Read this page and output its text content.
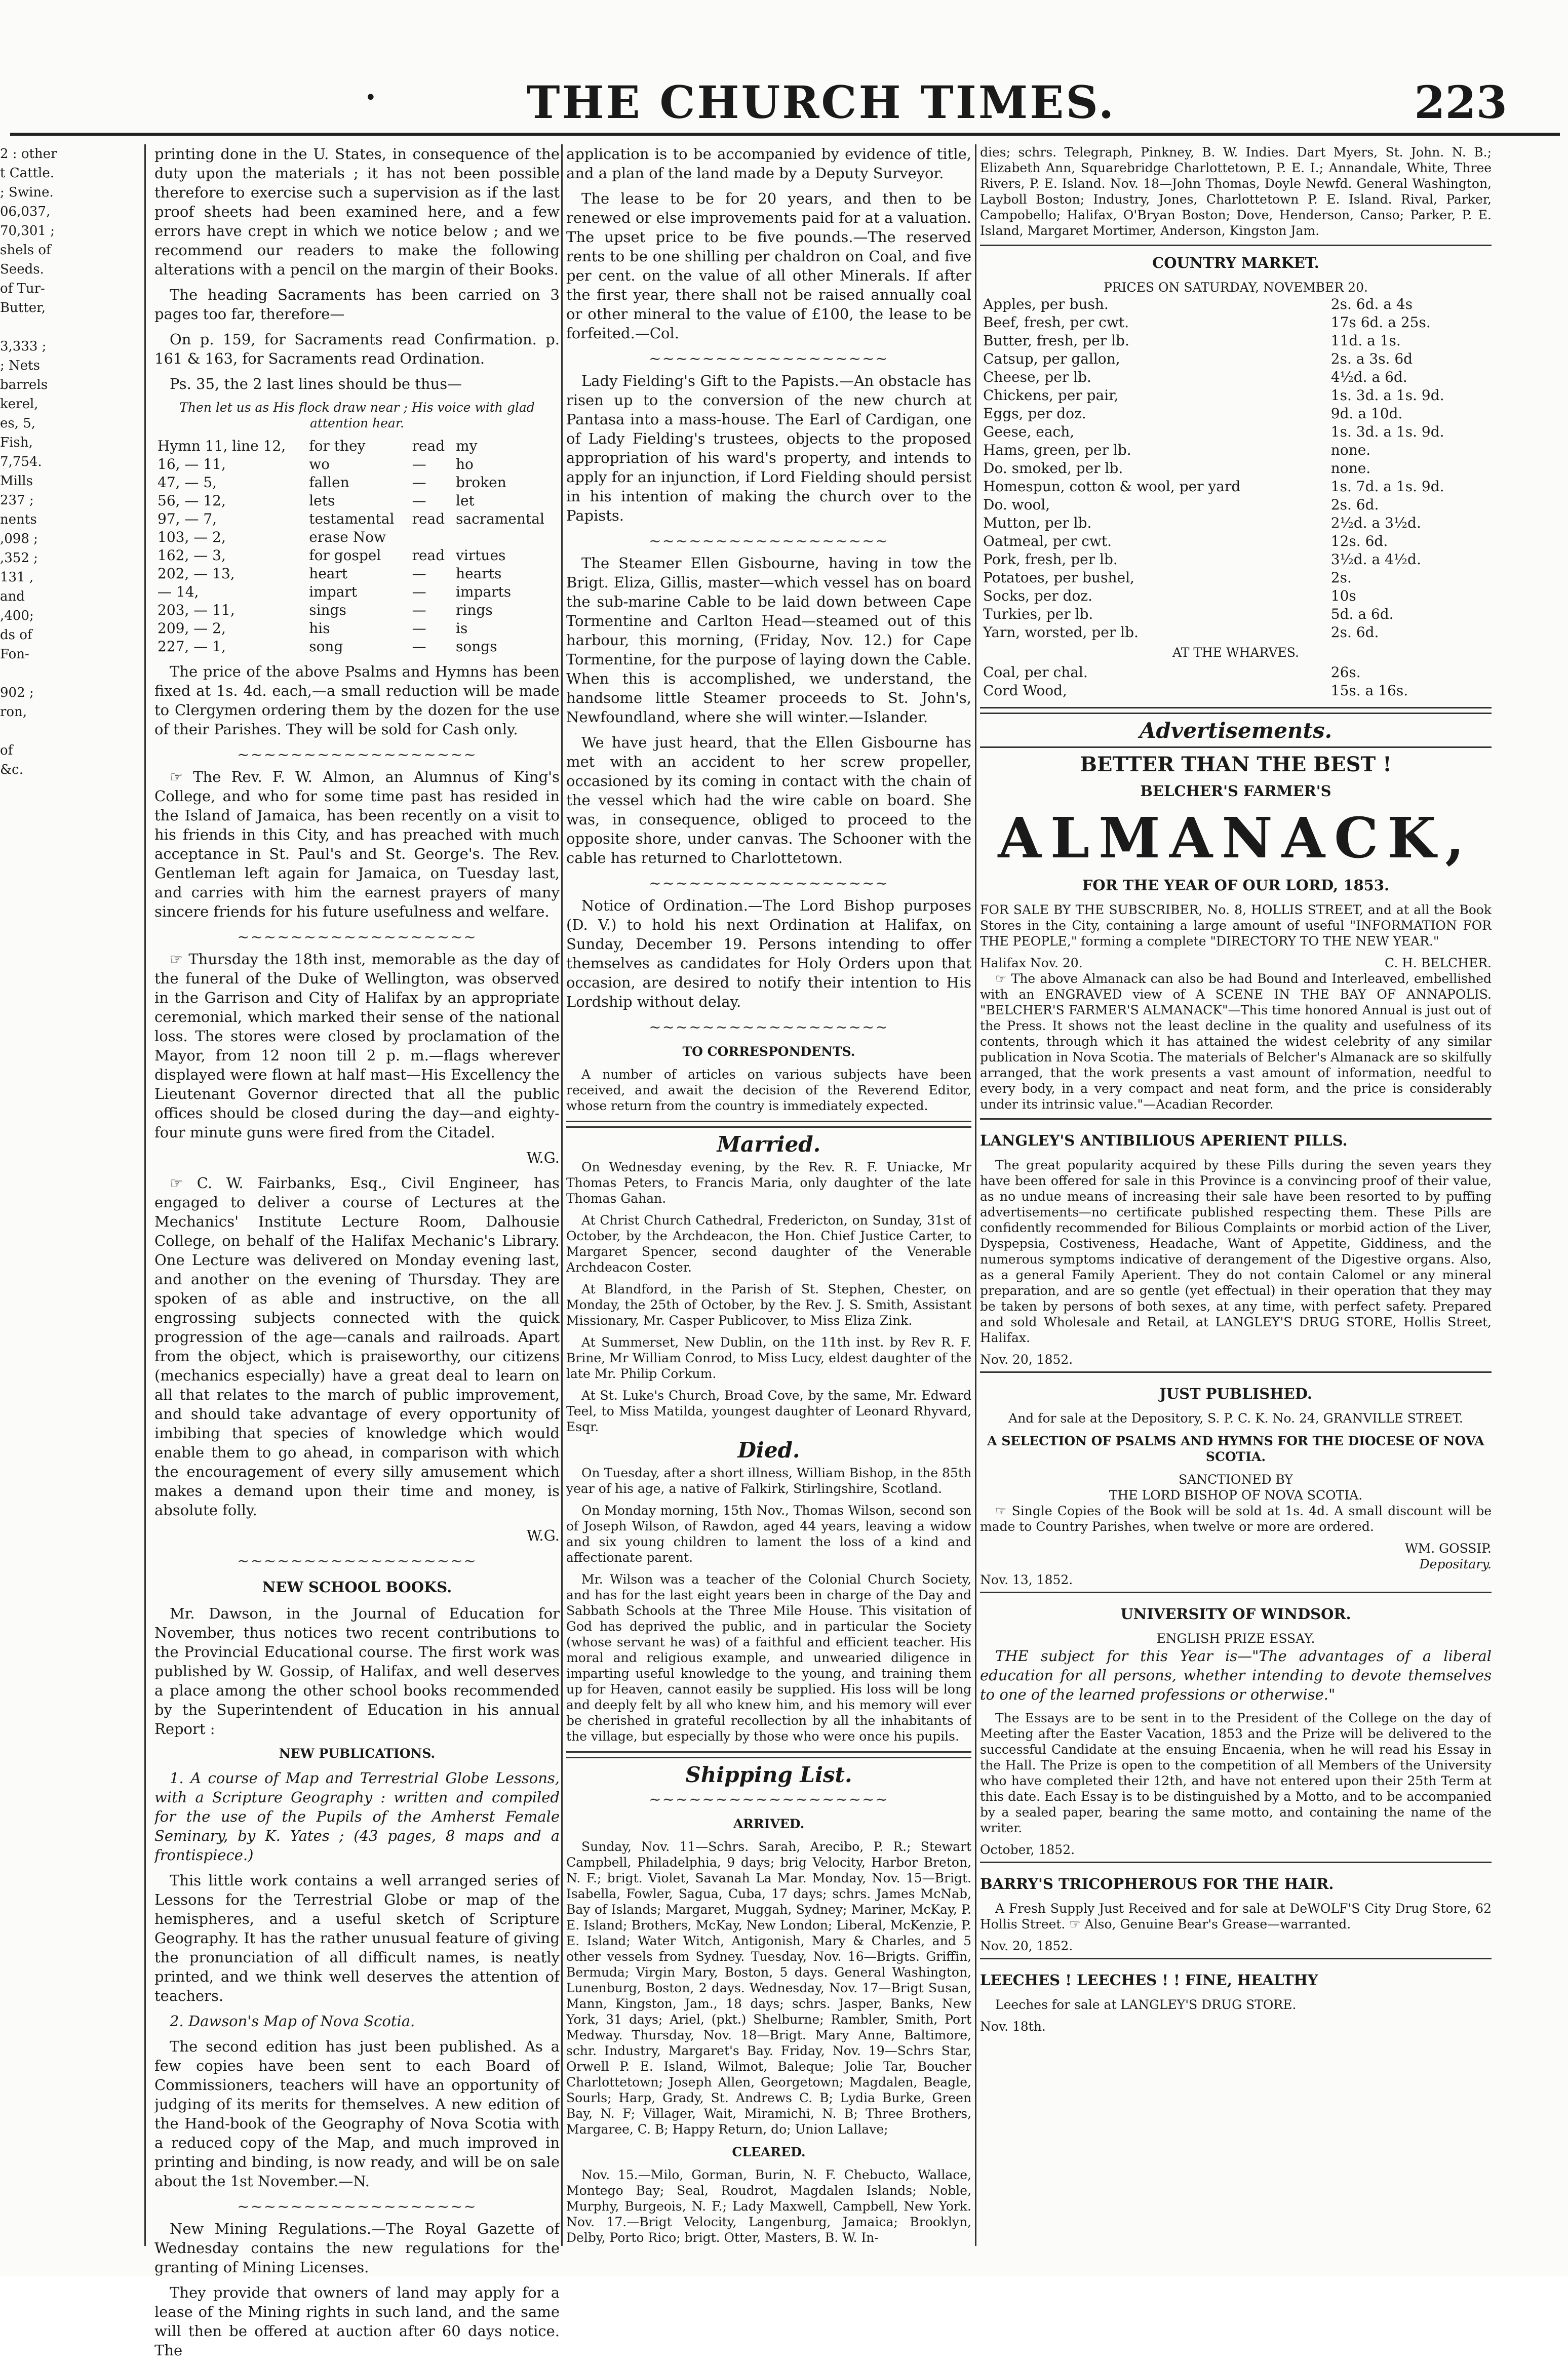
•	THE CHURCH TIMES.	223
2 : other
t Cattle.
; Swine.
06,037,
70,301 ;
shels of
Seeds.
of Tur-
Butter,
3,333 ;
; Nets
barrels
kerel,
es, 5,
Fish,
7,754.
Mills
237 ;
nents
,098 ;
,352 ;
131 ,
and
,400;
ds of
Fon-
902 ;
ron,
of
&c.

printing done in the U. States, in consequence of the duty upon the materials ; it has not been possible therefore to exercise such a supervision as if the last proof sheets had been examined here, and a few errors have crept in which we notice below ; and we recommend our readers to make the following alterations with a pencil on the margin of their Books.

The heading Sacraments has been carried on 3 pages too far, therefore—

On p. 159, for Sacraments read Confirmation. p. 161 & 163, for Sacraments read Ordination.

Ps. 35, the 2 last lines should be thus—

Then let us as His flock draw near ; His voice with glad attention hear.

Hymn 11, line 12,	for they	read	my
16, — 11,	wo	—	ho
47, — 5,	fallen	—	broken
56, — 12,	lets	—	let
97, — 7,	testamental	read	sacramental
103, — 2,	erase Now		
162, — 3,	for gospel	read	virtues
202, — 13,	heart	—	hearts
— 14,	impart	—	imparts
203, — 11,	sings	—	rings
209, — 2,	his	—	is
227, — 1,	song	—	songs

The price of the above Psalms and Hymns has been fixed at 1s. 4d. each,—a small reduction will be made to Clergymen ordering them by the dozen for the use of their Parishes. They will be sold for Cash only.

~~~~~~~~~~~~~~~~~~

☞ The Rev. F. W. Almon, an Alumnus of King's College, and who for some time past has resided in the Island of Jamaica, has been recently on a visit to his friends in this City, and has preached with much acceptance in St. Paul's and St. George's. The Rev. Gentleman left again for Jamaica, on Tuesday last, and carries with him the earnest prayers of many sincere friends for his future usefulness and welfare.

~~~~~~~~~~~~~~~~~~

☞ Thursday the 18th inst, memorable as the day of the funeral of the Duke of Wellington, was observed in the Garrison and City of Halifax by an appropriate ceremonial, which marked their sense of the national loss. The stores were closed by proclamation of the Mayor, from 12 noon till 2 p. m.—flags wherever displayed were flown at half mast—His Excellency the Lieutenant Governor directed that all the public offices should be closed during the day—and eighty-four minute guns were fired from the Citadel.

W.G.

☞ C. W. Fairbanks, Esq., Civil Engineer, has engaged to deliver a course of Lectures at the Mechanics' Institute Lecture Room, Dalhousie College, on behalf of the Halifax Mechanic's Library. One Lecture was delivered on Monday evening last, and another on the evening of Thursday. They are spoken of as able and instructive, on the all engrossing subjects connected with the quick progression of the age—canals and railroads. Apart from the object, which is praiseworthy, our citizens (mechanics especially) have a great deal to learn on all that relates to the march of public improvement, and should take advantage of every opportunity of imbibing that species of knowledge which would enable them to go ahead, in comparison with which the encouragement of every silly amusement which makes a demand upon their time and money, is absolute folly.

W.G.

~~~~~~~~~~~~~~~~~~
NEW SCHOOL BOOKS.

Mr. Dawson, in the Journal of Education for November, thus notices two recent contributions to the Provincial Educational course. The first work was published by W. Gossip, of Halifax, and well deserves a place among the other school books recommended by the Superintendent of Education in his annual Report :

NEW PUBLICATIONS.

1. A course of Map and Terrestrial Globe Lessons, with a Scripture Geography : written and compiled for the use of the Pupils of the Amherst Female Seminary, by K. Yates ; (43 pages, 8 maps and a frontispiece.)

This little work contains a well arranged series of Lessons for the Terrestrial Globe or map of the hemispheres, and a useful sketch of Scripture Geography. It has the rather unusual feature of giving the pronunciation of all difficult names, is neatly printed, and we think well deserves the attention of teachers.

2. Dawson's Map of Nova Scotia.

The second edition has just been published. As a few copies have been sent to each Board of Commissioners, teachers will have an opportunity of judging of its merits for themselves. A new edition of the Hand-book of the Geography of Nova Scotia with a reduced copy of the Map, and much improved in printing and binding, is now ready, and will be on sale about the 1st November.—N.

~~~~~~~~~~~~~~~~~~

New Mining Regulations.—The Royal Gazette of Wednesday contains the new regulations for the granting of Mining Licenses.

They provide that owners of land may apply for a lease of the Mining rights in such land, and the same will then be offered at auction after 60 days notice. The

application is to be accompanied by evidence of title, and a plan of the land made by a Deputy Surveyor.

The lease to be for 20 years, and then to be renewed or else improvements paid for at a valuation. The upset price to be five pounds.—The reserved rents to be one shilling per chaldron on Coal, and five per cent. on the value of all other Minerals. If after the first year, there shall not be raised annually coal or other mineral to the value of £100, the lease to be forfeited.—Col.

~~~~~~~~~~~~~~~~~~

Lady Fielding's Gift to the Papists.—An obstacle has risen up to the conversion of the new church at Pantasa into a mass-house. The Earl of Cardigan, one of Lady Fielding's trustees, objects to the proposed appropriation of his ward's property, and intends to apply for an injunction, if Lord Fielding should persist in his intention of making the church over to the Papists.

~~~~~~~~~~~~~~~~~~

The Steamer Ellen Gisbourne, having in tow the Brigt. Eliza, Gillis, master—which vessel has on board the sub-marine Cable to be laid down between Cape Tormentine and Carlton Head—steamed out of this harbour, this morning, (Friday, Nov. 12.) for Cape Tormentine, for the purpose of laying down the Cable. When this is accomplished, we understand, the handsome little Steamer proceeds to St. John's, Newfoundland, where she will winter.—Islander.

We have just heard, that the Ellen Gisbourne has met with an accident to her screw propeller, occasioned by its coming in contact with the chain of the vessel which had the wire cable on board. She was, in consequence, obliged to proceed to the opposite shore, under canvas. The Schooner with the cable has returned to Charlottetown.

~~~~~~~~~~~~~~~~~~

Notice of Ordination.—The Lord Bishop purposes (D. V.) to hold his next Ordination at Halifax, on Sunday, December 19. Persons intending to offer themselves as candidates for Holy Orders upon that occasion, are desired to notify their intention to His Lordship without delay.

~~~~~~~~~~~~~~~~~~
TO CORRESPONDENTS.

A number of articles on various subjects have been received, and await the decision of the Reverend Editor, whose return from the country is immediately expected.

Married.

On Wednesday evening, by the Rev. R. F. Uniacke, Mr Thomas Peters, to Francis Maria, only daughter of the late Thomas Gahan.

At Christ Church Cathedral, Fredericton, on Sunday, 31st of October, by the Archdeacon, the Hon. Chief Justice Carter, to Margaret Spencer, second daughter of the Venerable Archdeacon Coster.

At Blandford, in the Parish of St. Stephen, Chester, on Monday, the 25th of October, by the Rev. J. S. Smith, Assistant Missionary, Mr. Casper Publicover, to Miss Eliza Zink.

At Summerset, New Dublin, on the 11th inst. by Rev R. F. Brine, Mr William Conrod, to Miss Lucy, eldest daughter of the late Mr. Philip Corkum.

At St. Luke's Church, Broad Cove, by the same, Mr. Edward Teel, to Miss Matilda, youngest daughter of Leonard Rhyvard, Esqr.

Died.

On Tuesday, after a short illness, William Bishop, in the 85th year of his age, a native of Falkirk, Stirlingshire, Scotland.

On Monday morning, 15th Nov., Thomas Wilson, second son of Joseph Wilson, of Rawdon, aged 44 years, leaving a widow and six young children to lament the loss of a kind and affectionate parent.

Mr. Wilson was a teacher of the Colonial Church Society, and has for the last eight years been in charge of the Day and Sabbath Schools at the Three Mile House. This visitation of God has deprived the public, and in particular the Society (whose servant he was) of a faithful and efficient teacher. His moral and religious example, and unwearied diligence in imparting useful knowledge to the young, and training them up for Heaven, cannot easily be supplied. His loss will be long and deeply felt by all who knew him, and his memory will ever be cherished in grateful recollection by all the inhabitants of the village, but especially by those who were once his pupils.

Shipping List.
~~~~~~~~~~~~~~~~~~
ARRIVED.

Sunday, Nov. 11—Schrs. Sarah, Arecibo, P. R.; Stewart Campbell, Philadelphia, 9 days; brig Velocity, Harbor Breton, N. F.; brigt. Violet, Savanah La Mar. Monday, Nov. 15—Brigt. Isabella, Fowler, Sagua, Cuba, 17 days; schrs. James McNab, Bay of Islands; Margaret, Muggah, Sydney; Mariner, McKay, P. E. Island; Brothers, McKay, New London; Liberal, McKenzie, P. E. Island; Water Witch, Antigonish, Mary & Charles, and 5 other vessels from Sydney. Tuesday, Nov. 16—Brigts. Griffin, Bermuda; Virgin Mary, Boston, 5 days. General Washington, Lunenburg, Boston, 2 days. Wednesday, Nov. 17—Brigt Susan, Mann, Kingston, Jam., 18 days; schrs. Jasper, Banks, New York, 31 days; Ariel, (pkt.) Shelburne; Rambler, Smith, Port Medway. Thursday, Nov. 18—Brigt. Mary Anne, Baltimore, schr. Industry, Margaret's Bay. Friday, Nov. 19—Schrs Star, Orwell P. E. Island, Wilmot, Baleque; Jolie Tar, Boucher Charlottetown; Joseph Allen, Georgetown; Magdalen, Beagle, Sourls; Harp, Grady, St. Andrews C. B; Lydia Burke, Green Bay, N. F; Villager, Wait, Miramichi, N. B; Three Brothers, Margaree, C. B; Happy Return, do; Union Lallave;

CLEARED.

Nov. 15.—Milo, Gorman, Burin, N. F. Chebucto, Wallace, Montego Bay; Seal, Roudrot, Magdalen Islands; Noble, Murphy, Burgeois, N. F.; Lady Maxwell, Campbell, New York. Nov. 17.—Brigt Velocity, Langenburg, Jamaica; Brooklyn, Delby, Porto Rico; brigt. Otter, Masters, B. W. In-

dies; schrs. Telegraph, Pinkney, B. W. Indies. Dart Myers, St. John. N. B.; Elizabeth Ann, Squarebridge Charlottetown, P. E. I.; Annandale, White, Three Rivers, P. E. Island. Nov. 18—John Thomas, Doyle Newfd. General Washington, Layboll Boston; Industry, Jones, Charlottetown P. E. Island. Rival, Parker, Campobello; Halifax, O'Bryan Boston; Dove, Henderson, Canso; Parker, P. E. Island, Margaret Mortimer, Anderson, Kingston Jam.

COUNTRY MARKET.
PRICES ON SATURDAY, NOVEMBER 20.
Apples, per bush.	2s. 6d. a 4s
Beef, fresh, per cwt.	17s 6d. a 25s.
Butter, fresh, per lb.	11d. a 1s.
Catsup, per gallon,	2s. a 3s. 6d
Cheese, per lb.	4½d. a 6d.
Chickens, per pair,	1s. 3d. a 1s. 9d.
Eggs, per doz.	9d. a 10d.
Geese, each,	1s. 3d. a 1s. 9d.
Hams, green, per lb.	none.
Do. smoked, per lb.	none.
Homespun, cotton & wool, per yard	1s. 7d. a 1s. 9d.
Do. wool,	2s. 6d.
Mutton, per lb.	2½d. a 3½d.
Oatmeal, per cwt.	12s. 6d.
Pork, fresh, per lb.	3½d. a 4½d.
Potatoes, per bushel,	2s.
Socks, per doz.	10s
Turkies, per lb.	5d. a 6d.
Yarn, worsted, per lb.	2s. 6d.
AT THE WHARVES.
Coal, per chal.	26s.
Cord Wood,	15s. a 16s.
Advertisements.
BETTER THAN THE BEST !
BELCHER'S FARMER'S
ALMANACK,
FOR THE YEAR OF OUR LORD, 1853.

FOR SALE BY THE SUBSCRIBER, No. 8, HOLLIS STREET, and at all the Book Stores in the City, containing a large amount of useful "INFORMATION FOR THE PEOPLE," forming a complete "DIRECTORY TO THE NEW YEAR."

Halifax Nov. 20.	C. H. BELCHER.

☞ The above Almanack can also be had Bound and Interleaved, embellished with an ENGRAVED view of A SCENE IN THE BAY OF ANNAPOLIS. "BELCHER'S FARMER'S ALMANACK"—This time honored Annual is just out of the Press. It shows not the least decline in the quality and usefulness of its contents, through which it has attained the widest celebrity of any similar publication in Nova Scotia. The materials of Belcher's Almanack are so skilfully arranged, that the work presents a vast amount of information, needful to every body, in a very compact and neat form, and the price is considerably under its intrinsic value."—Acadian Recorder.

LANGLEY'S ANTIBILIOUS APERIENT PILLS.

The great popularity acquired by these Pills during the seven years they have been offered for sale in this Province is a convincing proof of their value, as no undue means of increasing their sale have been resorted to by puffing advertisements—no certificate published respecting them. These Pills are confidently recommended for Bilious Complaints or morbid action of the Liver, Dyspepsia, Costiveness, Headache, Want of Appetite, Giddiness, and the numerous symptoms indicative of derangement of the Digestive organs. Also, as a general Family Aperient. They do not contain Calomel or any mineral preparation, and are so gentle (yet effectual) in their operation that they may be taken by persons of both sexes, at any time, with perfect safety. Prepared and sold Wholesale and Retail, at LANGLEY'S DRUG STORE, Hollis Street, Halifax.

Nov. 20, 1852.
JUST PUBLISHED.
And for sale at the Depository, S. P. C. K. No. 24, GRANVILLE STREET.
A SELECTION OF PSALMS AND HYMNS FOR THE DIOCESE OF NOVA SCOTIA.
SANCTIONED BY
THE LORD BISHOP OF NOVA SCOTIA.

☞ Single Copies of the Book will be sold at 1s. 4d. A small discount will be made to Country Parishes, when twelve or more are ordered.

WM. GOSSIP.
Depositary.
Nov. 13, 1852.
UNIVERSITY OF WINDSOR.
ENGLISH PRIZE ESSAY.

THE subject for this Year is—"The advantages of a liberal education for all persons, whether intending to devote themselves to one of the learned professions or otherwise."

The Essays are to be sent in to the President of the College on the day of Meeting after the Easter Vacation, 1853 and the Prize will be delivered to the successful Candidate at the ensuing Encaenia, when he will read his Essay in the Hall. The Prize is open to the competition of all Members of the University who have completed their 12th, and have not entered upon their 25th Term at this date. Each Essay is to be distinguished by a Motto, and to be accompanied by a sealed paper, bearing the same motto, and containing the name of the writer.

October, 1852.
BARRY'S TRICOPHEROUS FOR THE HAIR.

A Fresh Supply Just Received and for sale at DeWOLF'S City Drug Store, 62 Hollis Street. ☞ Also, Genuine Bear's Grease—warranted.

Nov. 20, 1852.
LEECHES ! LEECHES ! ! FINE, HEALTHY

Leeches for sale at LANGLEY'S DRUG STORE.

Nov. 18th.
